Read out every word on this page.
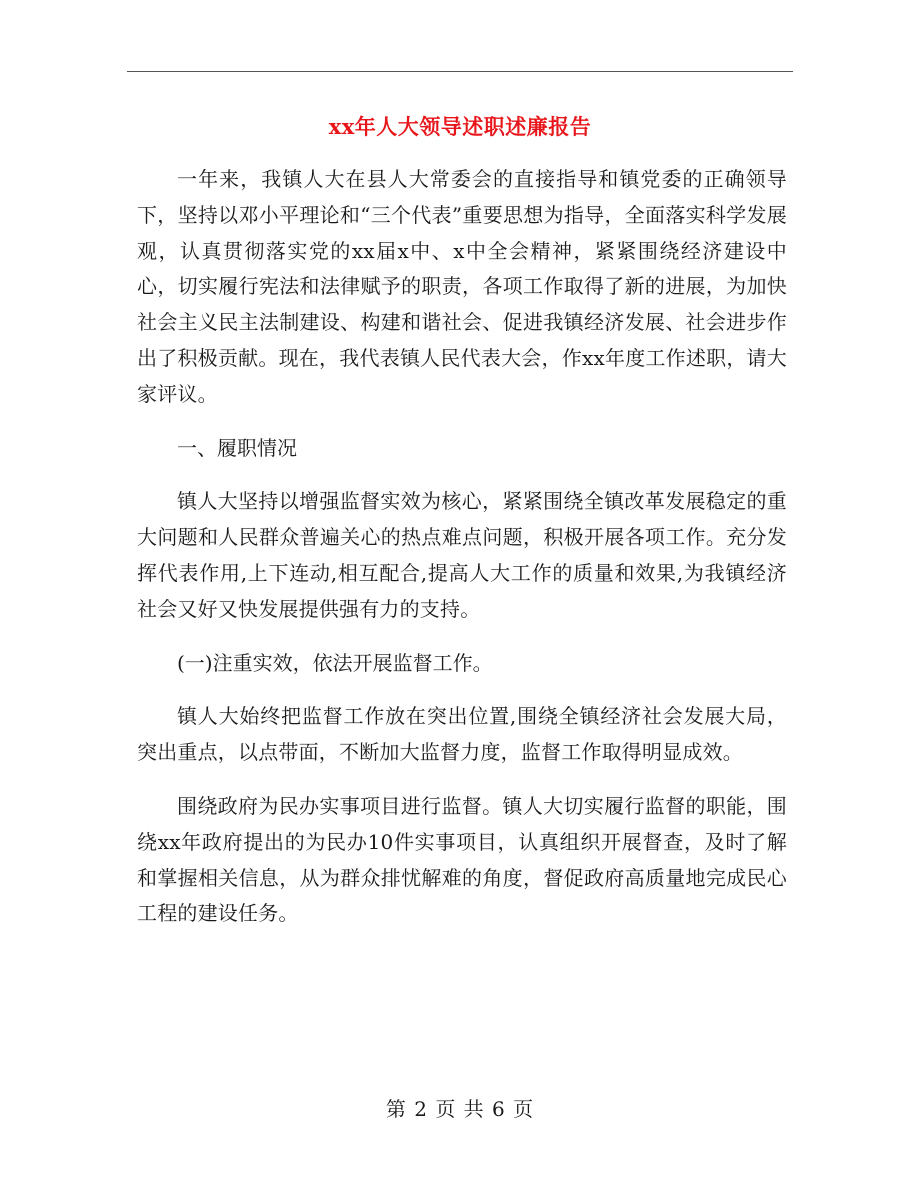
xx年人大领导述职述廉报告

一年来，我镇人大在县人大常委会的直接指导和镇党委的正确领导下，坚持以邓小平理论和“三个代表”重要思想为指导，全面落实科学发展观，认真贯彻落实党的xx届x中、x中全会精神，紧紧围绕经济建设中心，切实履行宪法和法律赋予的职责，各项工作取得了新的进展，为加快社会主义民主法制建设、构建和谐社会、促进我镇经济发展、社会进步作出了积极贡献。现在，我代表镇人民代表大会，作xx年度工作述职，请大家评议。

一、履职情况

镇人大坚持以增强监督实效为核心，紧紧围绕全镇改革发展稳定的重大问题和人民群众普遍关心的热点难点问题，积极开展各项工作。充分发挥代表作用,上下连动,相互配合,提高人大工作的质量和效果,为我镇经济社会又好又快发展提供强有力的支持。

(一)注重实效，依法开展监督工作。

镇人大始终把监督工作放在突出位置,围绕全镇经济社会发展大局，突出重点，以点带面，不断加大监督力度，监督工作取得明显成效。

围绕政府为民办实事项目进行监督。镇人大切实履行监督的职能，围绕xx年政府提出的为民办10件实事项目，认真组织开展督查，及时了解和掌握相关信息，从为群众排忧解难的角度，督促政府高质量地完成民心工程的建设任务。

第 2 页 共 6 页
